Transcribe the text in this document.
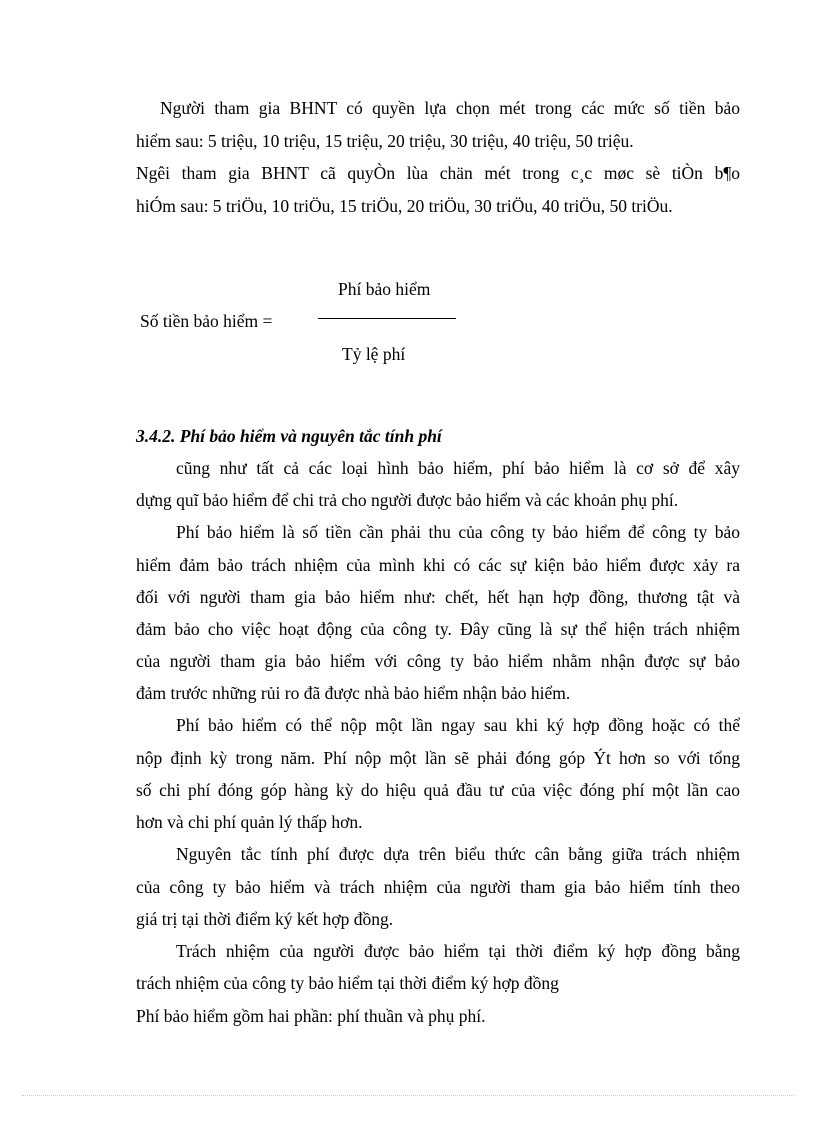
Người tham gia BHNT có quyền lựa chọn mét trong các mức số tiền bảo
hiểm sau: 5 triệu, 10 triệu, 15 triệu, 20 triệu, 30 triệu, 40 triệu, 50 triệu.
Ngêi tham gia BHNT cã quyÒn lùa chän mét trong c¸c møc sè tiÒn b¶o
hiÓm sau: 5 triÖu, 10 triÖu, 15 triÖu, 20 triÖu, 30 triÖu, 40 triÖu, 50 triÖu.
Phí bảo hiểm
Số tiền bảo hiểm =
Tỷ lệ phí
3.4.2. Phí bảo hiểm và nguyên tắc tính phí
cũng như tất cả các loại hình bảo hiểm, phí bảo hiểm là cơ sở để xây
dựng quĩ bảo hiểm để chi trả cho người được bảo hiểm và các khoản phụ phí.
Phí bảo hiểm là số tiền cần phải thu của công ty bảo hiểm để công ty bảo
hiểm đảm bảo trách nhiệm của mình khi có các sự kiện bảo hiểm được xảy ra
đối với người tham gia bảo hiểm như: chết, hết hạn hợp đồng, thương tật và
đảm bảo cho việc hoạt động của công ty. Đây cũng là sự thể hiện trách nhiệm
của người tham gia bảo hiểm với công ty bảo hiểm nhằm nhận được sự bảo
đảm trước những rủi ro đã được nhà bảo hiểm nhận bảo hiểm.
Phí bảo hiểm có thể nộp một lần ngay sau khi ký hợp đồng hoặc có thể
nộp định kỳ trong năm. Phí nộp một lần sẽ phải đóng góp Ýt hơn so với tổng
số chi phí đóng góp hàng kỳ do hiệu quả đầu tư của việc đóng phí một lần cao
hơn và chi phí quản lý thấp hơn.
Nguyên tắc tính phí được dựa trên biểu thức cân bằng giữa trách nhiệm
của công ty bảo hiểm và trách nhiệm của người tham gia bảo hiểm tính theo
giá trị tại thời điểm ký kết hợp đồng.
Trách nhiệm của người được bảo hiểm tại thời điểm ký hợp đồng bằng
trách nhiệm của công ty bảo hiểm tại thời điểm ký hợp đồng
Phí bảo hiểm gồm hai phần: phí thuần và phụ phí.
